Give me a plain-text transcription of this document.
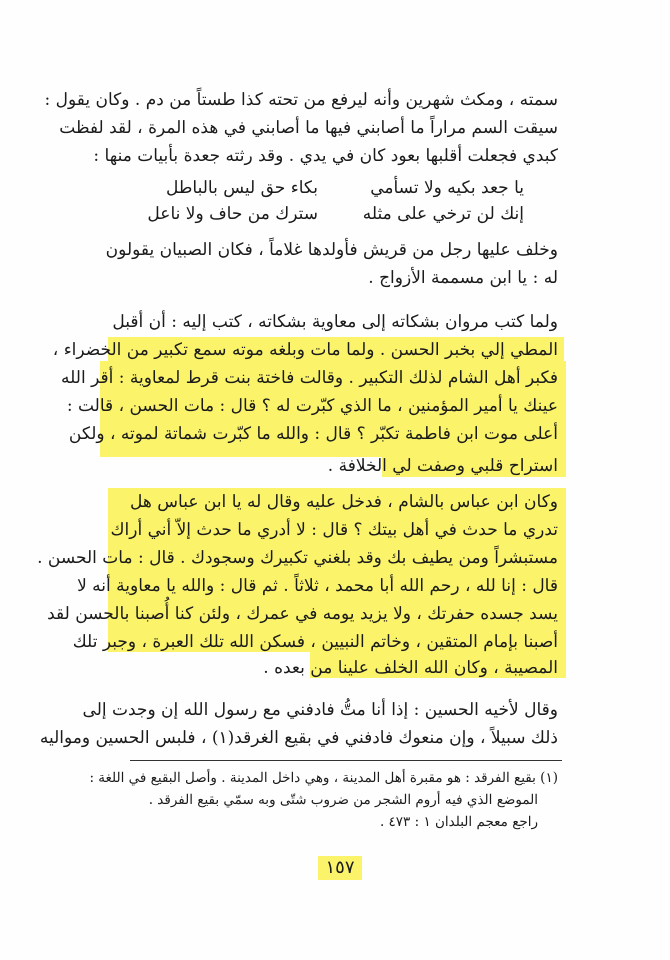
سمته ، ومكث شهرين وأنه ليرفع من تحته كذا طستاً من دم . وكان يقول :
سيقت السم مراراً ما أصابني فيها ما أصابني في هذه المرة ، لقد لفظت
كبدي فجعلت أقلبها بعود كان في يدي . وقد رثته جعدة بأبيات منها :
يا جعد بكيه ولا تسأمي
بكاء حق ليس بالباطل
إنك لن ترخي على مثله
سترك من حاف ولا ناعل
وخلف عليها رجل من قريش فأولدها غلاماً ، فكان الصبيان يقولون
له : يا ابن مسممة الأزواج .
ولما كتب مروان بشكاته إلى معاوية بشكاته ، كتب إليه : أن أقبل
المطي إلي بخبر الحسن . ولما مات وبلغه موته سمع تكبير من الخضراء ،
فكبر أهل الشام لذلك التكبير . وقالت فاختة بنت قرط لمعاوية : أقر الله
عينك يا أمير المؤمنين ، ما الذي كبّرت له ؟ قال : مات الحسن ، قالت :
أعلى موت ابن فاطمة تكبّر ؟ قال : والله ما كبّرت شماتة لموته ، ولكن
استراح قلبي وصفت لي الخلافة .
وكان ابن عباس بالشام ، فدخل عليه وقال له يا ابن عباس هل
تدري ما حدث في أهل بيتك ؟ قال : لا أدري ما حدث إلاّ أني أراك
مستبشراً ومن يطيف بك وقد بلغني تكبيرك وسجودك . قال : مات الحسن .
قال : إنا لله ، رحم الله أبا محمد ، ثلاثاً . ثم قال : والله يا معاوية أنه لا
يسد جسده حفرتك ، ولا يزيد يومه في عمرك ، ولئن كنا أُصبنا بالحسن لقد
أصبنا بإمام المتقين ، وخاتم النبيين ، فسكن الله تلك العبرة ، وجبر تلك
المصيبة ، وكان الله الخلف علينا من بعده .
وقال لأخيه الحسين : إذا أنا متُّ فادفني مع رسول الله إن وجدت إلى
ذلك سبيلاً ، وإن منعوك فادفني في بقيع الغرقد(١) ، فلبس الحسين ومواليه
(١) بقيع الفرقد : هو مقبرة أهل المدينة ، وهي داخل المدينة . وأصل البقيع في اللغة :
الموضع الذي فيه أروم الشجر من ضروب شتّى وبه سمّي بقيع الفرقد .
راجع معجم البلدان ١ : ٤٧٣ .
١٥٧
